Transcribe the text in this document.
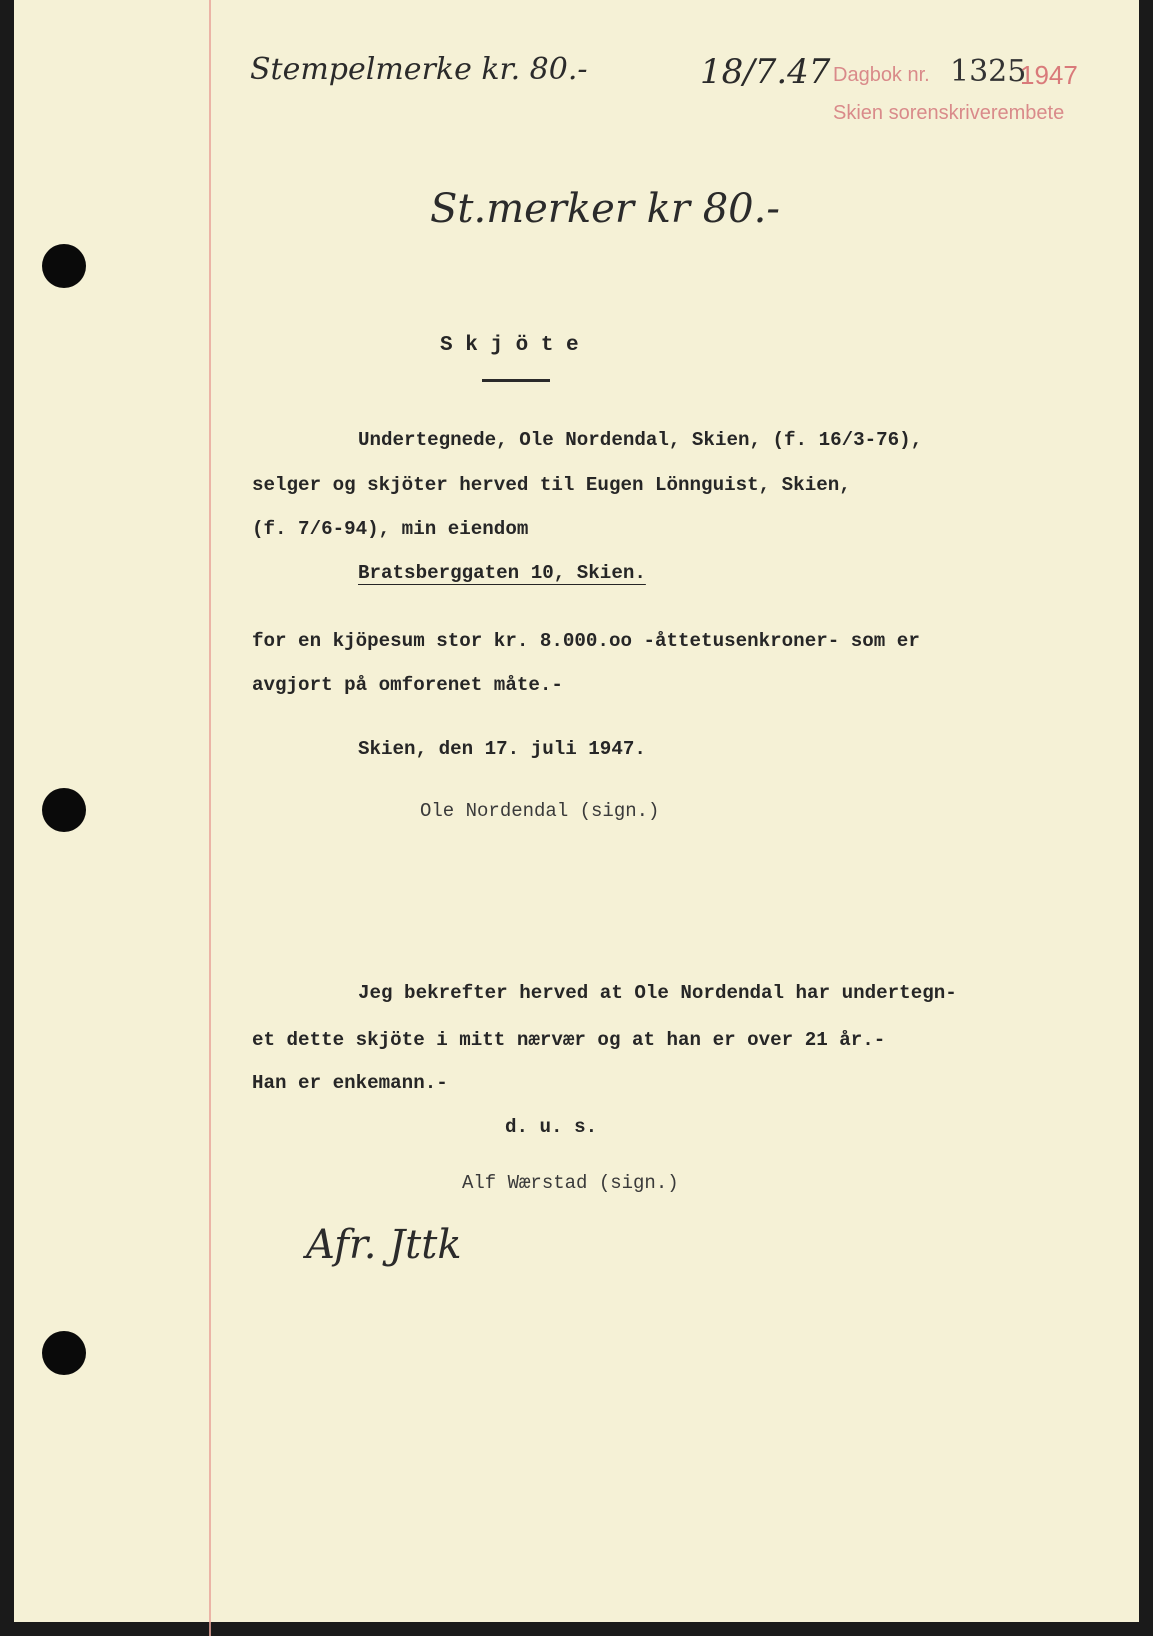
Stempelmerke kr. 80.-	18/7.47 Dagbok nr. 1325
1947
Skien sorenskriverembete
St.merker kr 80.-
S k j ö t e
Undertegnede, Ole Nordendal, Skien, (f. 16/3-76),
selger og skjöter herved til Eugen Lönnguist, Skien,
(f. 7/6-94), min eiendom
Bratsberggaten 10, Skien.
for en kjöpesum stor kr. 8.000.oo -åttetusenkroner- som er
avgjort på omforenet måte.-
Skien, den 17. juli 1947.
Ole Nordendal (sign.)
Jeg bekrefter herved at Ole Nordendal har undertegn-
et dette skjöte i mitt nærvær og at han er over 21 år.-
Han er enkemann.-
d. u. s.
Alf Wærstad (sign.)
Afr. Jttk
